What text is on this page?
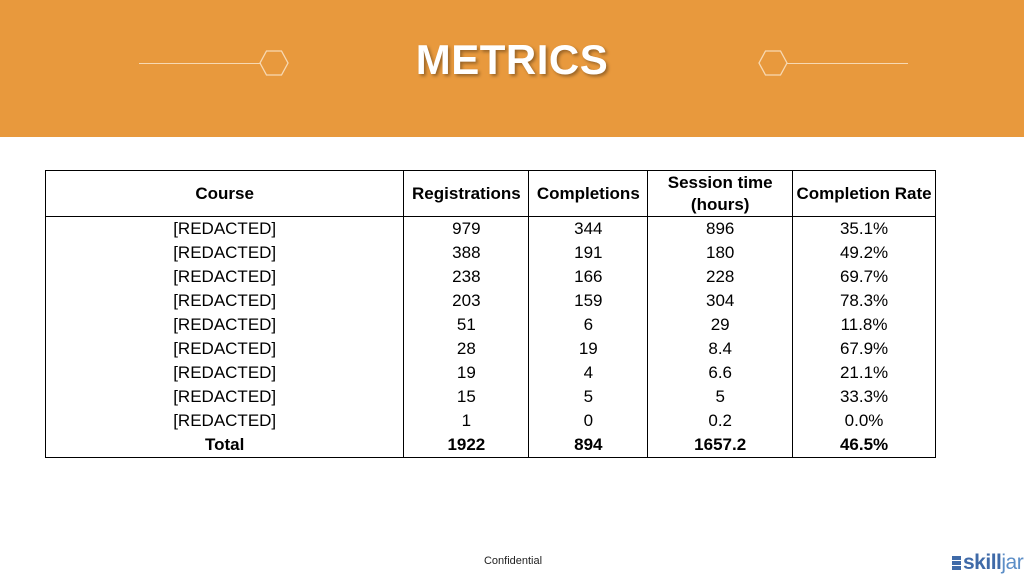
METRICS
Course	Registrations	Completions	Session time (hours)	Completion Rate
[REDACTED]	979	344	896	35.1%
[REDACTED]	388	191	180	49.2%
[REDACTED]	238	166	228	69.7%
[REDACTED]	203	159	304	78.3%
[REDACTED]	51	6	29	11.8%
[REDACTED]	28	19	8.4	67.9%
[REDACTED]	19	4	6.6	21.1%
[REDACTED]	15	5	5	33.3%
[REDACTED]	1	0	0.2	0.0%
Total	1922	894	1657.2	46.5%
Confidential	skilljar
